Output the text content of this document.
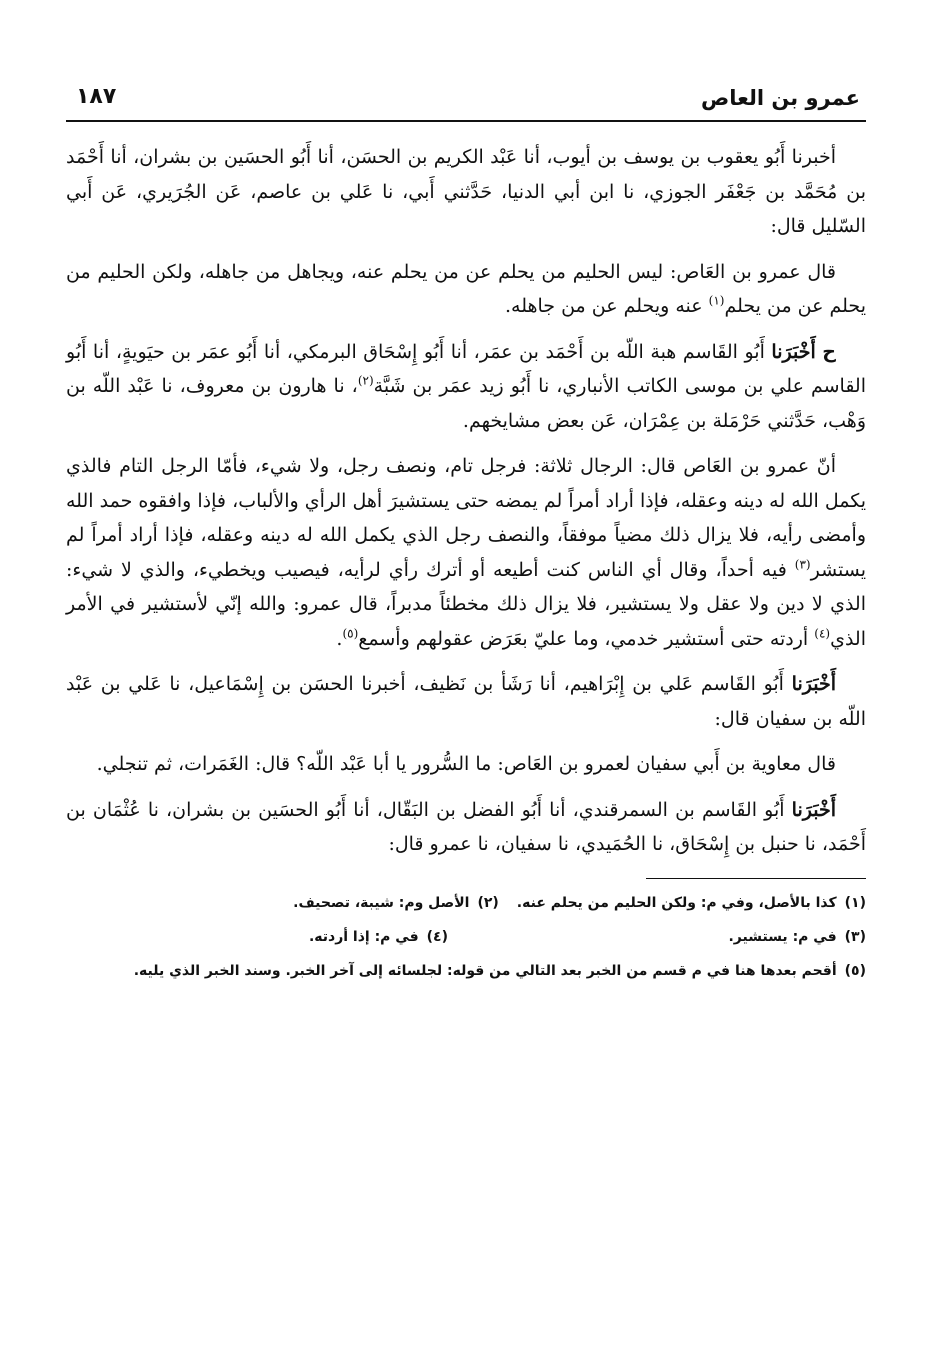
عمرو بن العاص
١٨٧

أخبرنا أَبُو يعقوب بن يوسف بن أيوب، أنا عَبْد الكريم بن الحسَن، أنا أَبُو الحسَين بن بشران، أنا أَحْمَد بن مُحَمَّد بن جَعْفَر الجوزي، نا ابن أبي الدنيا، حَدَّثني أَبي، نا عَلي بن عاصم، عَن الجُرَيري، عَن أَبي السّليل قال:

قال عمرو بن العَاص: ليس الحليم من يحلم عن من يحلم عنه، ويجاهل من جاهله، ولكن الحليم من يحلم عن من يحلم$^{(١)}$ عنه ويحلم عن من جاهله.

ح أَخْبَرَنا أَبُو القَاسم هبة اللّه بن أَحْمَد بن عمَر، أنا أَبُو إِسْحَاق البرمكي، أنا أَبُو عمَر بن حيَويةٍ، أنا أَبُو القاسم علي بن موسى الكاتب الأنباري، نا أَبُو زيد عمَر بن شَبَّة$^{(٢)}$، نا هارون بن معروف، نا عَبْد اللّه بن وَهْب، حَدَّثني حَرْمَلة بن عِمْرَان، عَن بعض مشايخهم.

أنّ عمرو بن العَاص قال: الرجال ثلاثة: فرجل تام، ونصف رجل، ولا شيء، فأمّا الرجل التام فالذي يكمل الله له دينه وعقله، فإذا أراد أمراً لم يمضه حتى يستشيرَ أهل الرأي والألباب، فإذا وافقوه حمد الله وأمضى رأيه، فلا يزال ذلك مضياً موفقاً، والنصف رجل الذي يكمل الله له دينه وعقله، فإذا أراد أمراً لم يستشر$^{(٣)}$ فيه أحداً، وقال أي الناس كنت أطيعه أو أترك رأي لرأيه، فيصيب ويخطيء، والذي لا شيء: الذي لا دين ولا عقل ولا يستشير، فلا يزال ذلك مخطئاً مدبراً، قال عمرو: والله إنّي لأستشير في الأمر الذي$^{(٤)}$ أردته حتى أستشير خدمي، وما عليّ بعَرَض عقولهم وأسمع$^{(٥)}$.

أَخْبَرَنا أَبُو القَاسم عَلي بن إِبْرَاهيم، أنا رَشَأ بن نَظيف، أخبرنا الحسَن بن إِسْمَاعيل، نا عَلي بن عَبْد اللّه بن سفيان قال:

قال معاوية بن أَبي سفيان لعمرو بن العَاص: ما السُّرور يا أبا عَبْد اللّه؟ قال: الغَمَرات، ثم تنجلي.

أَخْبَرَنا أَبُو القَاسم بن السمرقندي، أنا أَبُو الفضل بن البَقّال، أنا أَبُو الحسَين بن بشران، نا عُثْمَان بن أَحْمَد، نا حنبل بن إِسْحَاق، نا الحُمَيدي، نا سفيان، نا عمرو قال:

(١)كذا بالأصل، وفي م: ولكن الحليم من يحلم عنه.
(٢)الأصل وم: شيبة، تصحيف.
(٣)في م: يستشير.
(٤)في م: إذا أردته.
(٥)أقحم بعدها هنا في م قسم من الخبر بعد التالي من قوله: لجلسائه إلى آخر الخبر. وسند الخبر الذي يليه.
